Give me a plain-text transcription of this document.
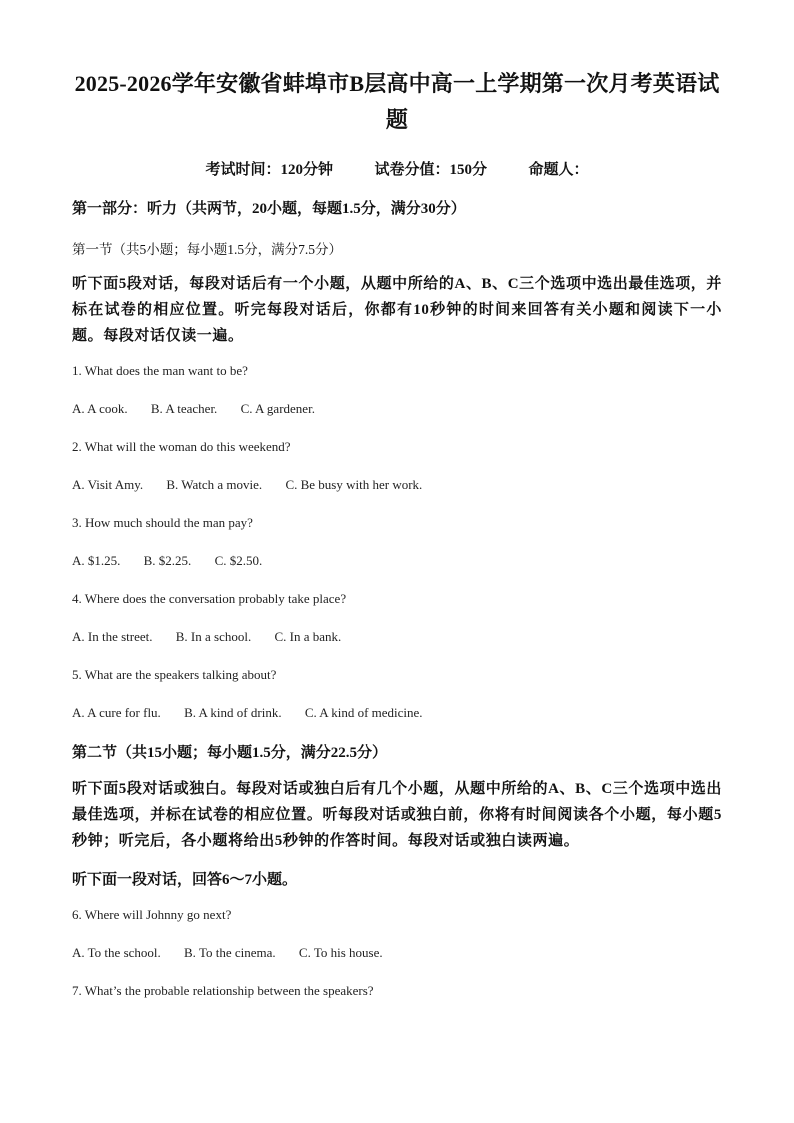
2025-2026学年安徽省蚌埠市B层高中高一上学期第一次月考英语试
题
考试时间：120分钟	试卷分值：150分	命题人：
第一部分：听力（共两节，20小题，每题1.5分，满分30分）
第一节（共5小题；每小题1.5分，满分7.5分）
听下面5段对话，每段对话后有一个小题，从题中所给的A、B、C三个选项中选出最佳选项，并标在试卷的相应位置。听完每段对话后，你都有10秒钟的时间来回答有关小题和阅读下一小题。每段对话仅读一遍。
1. What does the man want to be?
A. A cook. B. A teacher. C. A gardener.
2. What will the woman do this weekend?
A. Visit Amy. B. Watch a movie. C. Be busy with her work.
3. How much should the man pay?
A. $1.25. B. $2.25. C. $2.50.
4. Where does the conversation probably take place?
A. In the street. B. In a school. C. In a bank.
5. What are the speakers talking about?
A. A cure for flu. B. A kind of drink. C. A kind of medicine.
第二节（共15小题；每小题1.5分，满分22.5分）
听下面5段对话或独白。每段对话或独白后有几个小题，从题中所给的A、B、C三个选项中选出最佳选项，并标在试卷的相应位置。听每段对话或独白前，你将有时间阅读各个小题，每小题5秒钟；听完后，各小题将给出5秒钟的作答时间。每段对话或独白读两遍。
听下面一段对话，回答6～7小题。
6. Where will Johnny go next?
A. To the school. B. To the cinema. C. To his house.
7. What’s the probable relationship between the speakers?
